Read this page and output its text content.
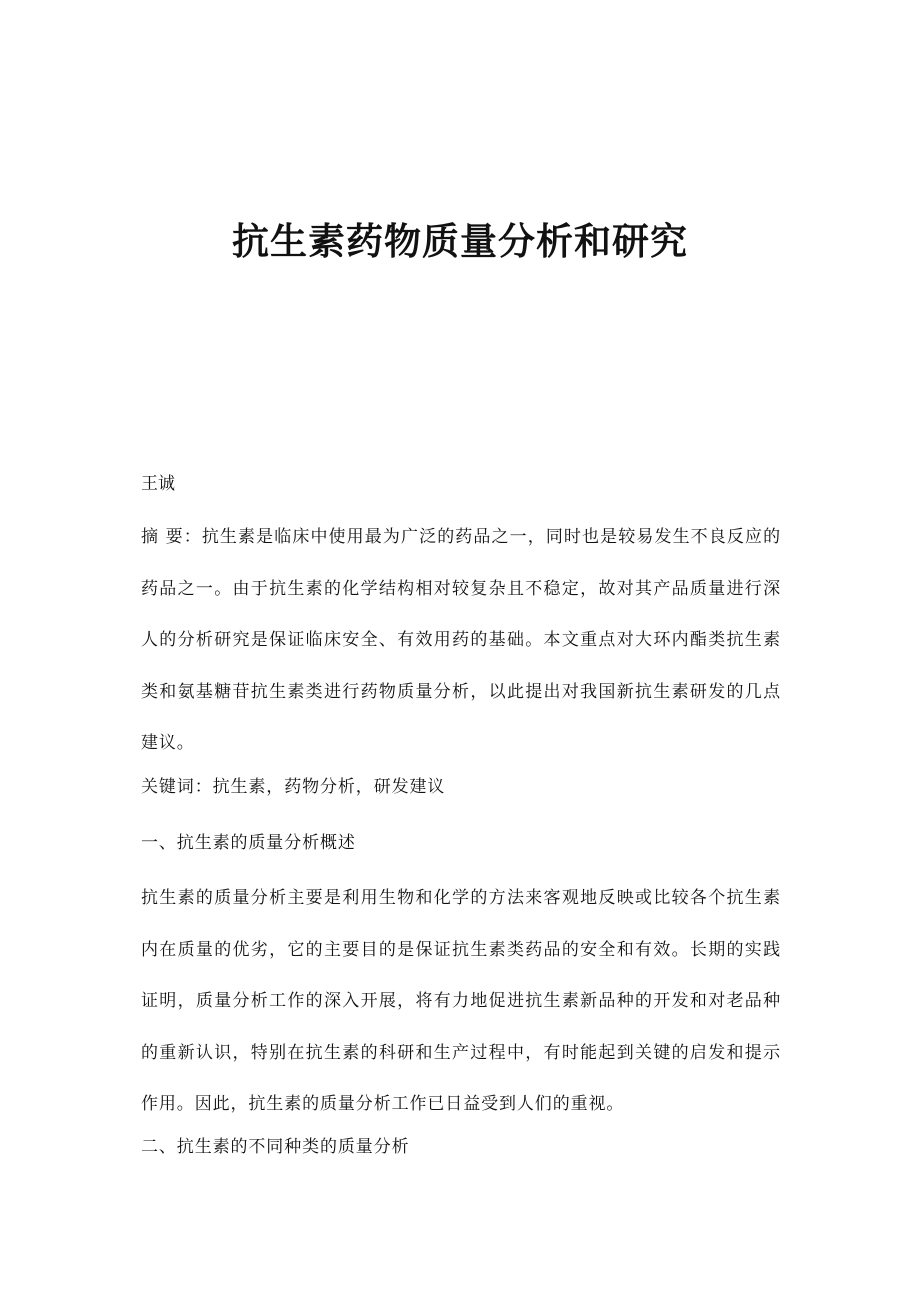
抗生素药物质量分析和研究

王诚

摘 要：抗生素是临床中使用最为广泛的药品之一，同时也是较易发生不良反应的药品之一。由于抗生素的化学结构相对较复杂且不稳定，故对其产品质量进行深人的分析研究是保证临床安全、有效用药的基础。本文重点对大环内酯类抗生素类和氨基糖苷抗生素类进行药物质量分析，以此提出对我国新抗生素研发的几点建议。

关键词：抗生素，药物分析，研发建议

一、抗生素的质量分析概述

抗生素的质量分析主要是利用生物和化学的方法来客观地反映或比较各个抗生素内在质量的优劣，它的主要目的是保证抗生素类药品的安全和有效。长期的实践证明，质量分析工作的深入开展，将有力地促进抗生素新品种的开发和对老品种的重新认识，特别在抗生素的科研和生产过程中，有时能起到关键的启发和提示作用。因此，抗生素的质量分析工作已日益受到人们的重视。

二、抗生素的不同种类的质量分析
